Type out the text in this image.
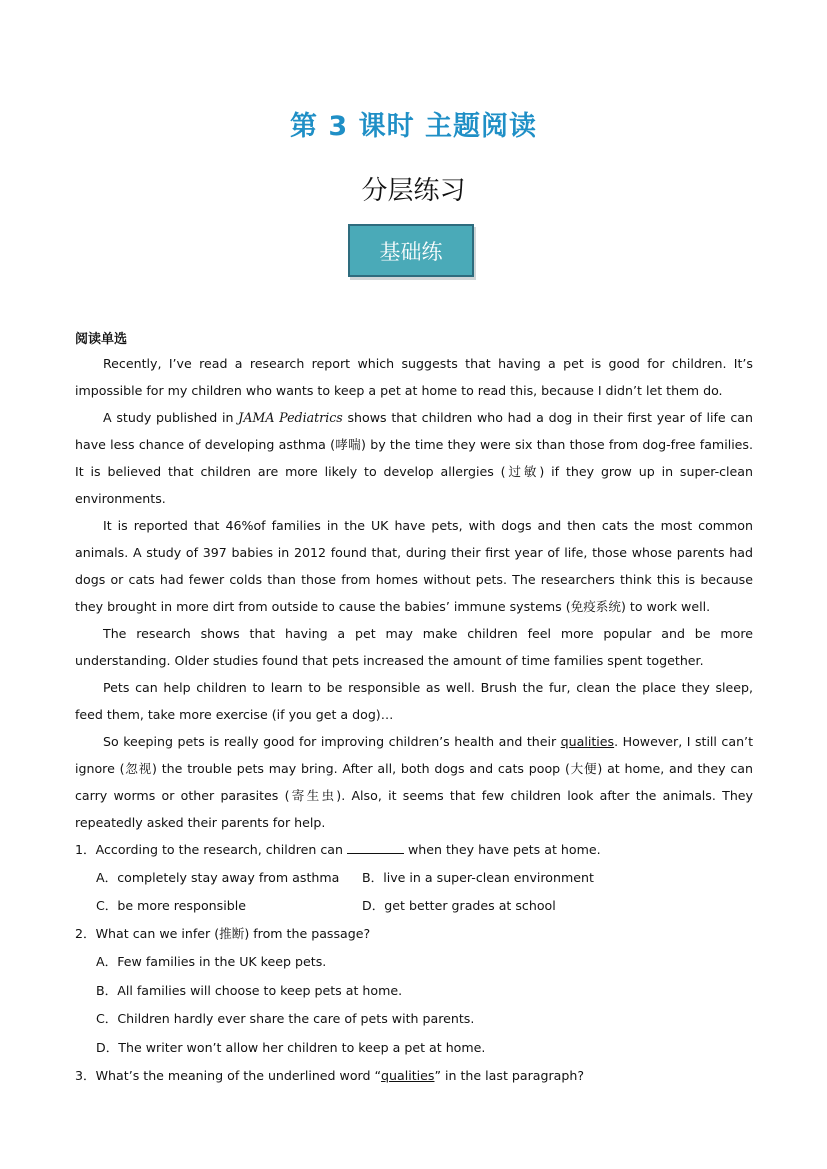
第 3 课时 主题阅读
分层练习
基础练
阅读单选

Recently, I’ve read a research report which suggests that having a pet is good for children. It’s impossible for my children who wants to keep a pet at home to read this, because I didn’t let them do.

A study published in JAMA Pediatrics shows that children who had a dog in their first year of life can have less chance of developing asthma (哮喘) by the time they were six than those from dog-free families. It is believed that children are more likely to develop allergies (过敏) if they grow up in super-clean environments.

It is reported that 46%of families in the UK have pets, with dogs and then cats the most common animals. A study of 397 babies in 2012 found that, during their first year of life, those whose parents had dogs or cats had fewer colds than those from homes without pets. The researchers think this is because they brought in more dirt from outside to cause the babies’ immune systems (免疫系统) to work well.

The research shows that having a pet may make children feel more popular and be more understanding. Older studies found that pets increased the amount of time families spent together.

Pets can help children to learn to be responsible as well. Brush the fur, clean the place they sleep, feed them, take more exercise (if you get a dog)…

So keeping pets is really good for improving children’s health and their qualities. However, I still can’t ignore (忽视) the trouble pets may bring. After all, both dogs and cats poop (大便) at home, and they can carry worms or other parasites (寄生虫). Also, it seems that few children look after the animals. They repeatedly asked their parents for help.

1．According to the research, children can	when they have pets at home.

A．completely stay away from asthma	B．live in a super-clean environment
C．be more responsible	D．get better grades at school

2．What can we infer (推断) from the passage?

A．Few families in the UK keep pets.

B．All families will choose to keep pets at home.

C．Children hardly ever share the care of pets with parents.

D．The writer won’t allow her children to keep a pet at home.

3．What’s the meaning of the underlined word “qualities” in the last paragraph?
